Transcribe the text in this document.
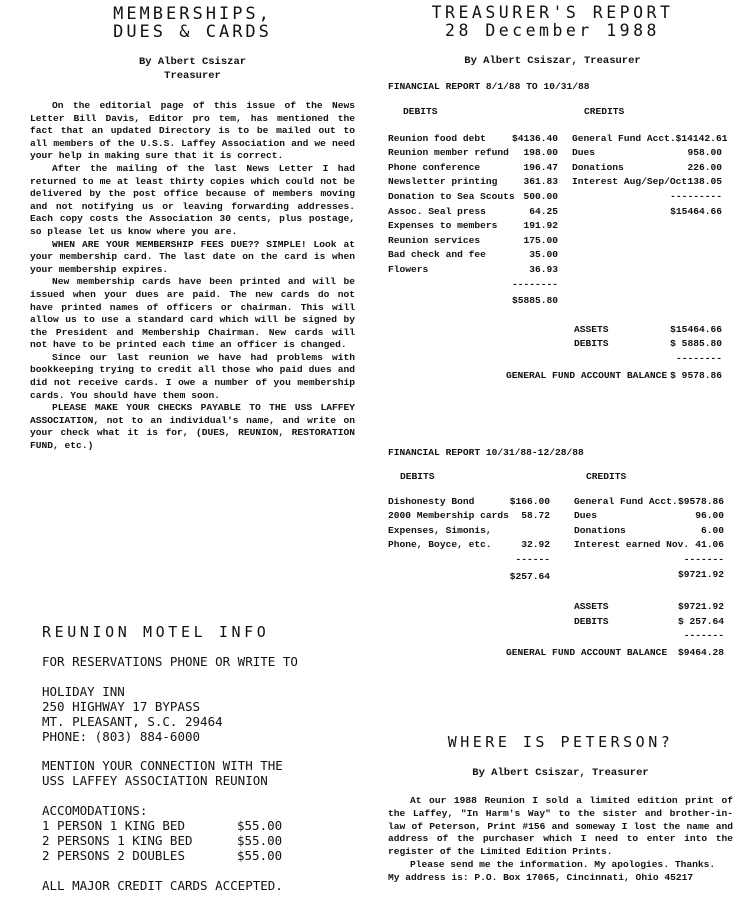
MEMBERSHIPS,
DUES & CARDS
By Albert Csiszar
Treasurer

On the editorial page of this issue of the News Letter Bill Davis, Editor pro tem, has mentioned the fact that an updated Directory is to be mailed out to all members of the U.S.S. Laffey Association and we need your help in making sure that it is correct.

After the mailing of the last News Letter I had returned to me at least thirty copies which could not be delivered by the post office because of members moving and not notifying us or leaving forwarding addresses. Each copy costs the Association 30 cents, plus postage, so please let us know where you are.

WHEN ARE YOUR MEMBERSHIP FEES DUE?? SIMPLE! Look at your membership card. The last date on the card is when your membership expires.

New membership cards have been printed and will be issued when your dues are paid. The new cards do not have printed names of officers or chairman. This will allow us to use a standard card which will be signed by the President and Membership Chairman. New cards will not have to be printed each time an officer is changed.

Since our last reunion we have had problems with bookkeeping trying to credit all those who paid dues and did not receive cards. I owe a number of you membership cards. You should have them soon.

PLEASE MAKE YOUR CHECKS PAYABLE TO THE USS LAFFEY ASSOCIATION, not to an individual's name, and write on your check what it is for, (DUES, REUNION, RESTORATION FUND, etc.)

REUNION MOTEL INFO
FOR RESERVATIONS PHONE OR WRITE TO
HOLIDAY INN
250 HIGHWAY 17 BYPASS
MT. PLEASANT, S.C. 29464
PHONE: (803) 884-6000
MENTION YOUR CONNECTION WITH THE
USS LAFFEY ASSOCIATION REUNION
ACCOMODATIONS:
1 PERSON 1 KING BED	$55.00
2 PERSONS 1 KING BED	$55.00
2 PERSONS 2 DOUBLES	$55.00
ALL MAJOR CREDIT CARDS ACCEPTED.
TREASURER'S REPORT
28 December 1988
By Albert Csiszar, Treasurer
FINANCIAL REPORT 8/1/88 TO 10/31/88
DEBITS	CREDITS
Reunion food debt	$4136.40
Reunion member refund 198.00
Phone conference	196.47
Newsletter printing	361.83
Donation to Sea Scouts 500.00
Assoc. Seal press	64.25
Expenses to members	191.92
Reunion services	175.00
Bad check and fee	35.00
Flowers	36.93
--------
$5885.80
General Fund Acct. $14142.61
Dues	958.00
Donations	226.00
Interest Aug/Sep/Oct 138.05
---------
$15464.66
ASSETS	$15464.66
DEBITS	$ 5885.80
--------
GENERAL FUND ACCOUNT BALANCE $ 9578.86
FINANCIAL REPORT 10/31/88-12/28/88
DEBITS	CREDITS
Dishonesty Bond	$166.00
2000 Membership cards 58.72
Expenses, Simonis,
Phone, Boyce, etc.	32.92
------
$257.64
General Fund Acct. $9578.86
Dues	96.00
Donations	6.00
Interest earned Nov. 41.06
-------
$9721.92
ASSETS	$9721.92
DEBITS	$ 257.64
-------
GENERAL FUND ACCOUNT BALANCE $9464.28
WHERE IS PETERSON?
By Albert Csiszar, Treasurer

At our 1988 Reunion I sold a limited edition print of the Laffey, "In Harm's Way" to the sister and brother-in-law of Peterson, Print #156 and someway I lost the name and address of the purchaser which I need to enter into the register of the Limited Edition Prints.

Please send me the information. My apologies. Thanks.

My address is: P.O. Box 17065, Cincinnati, Ohio 45217
